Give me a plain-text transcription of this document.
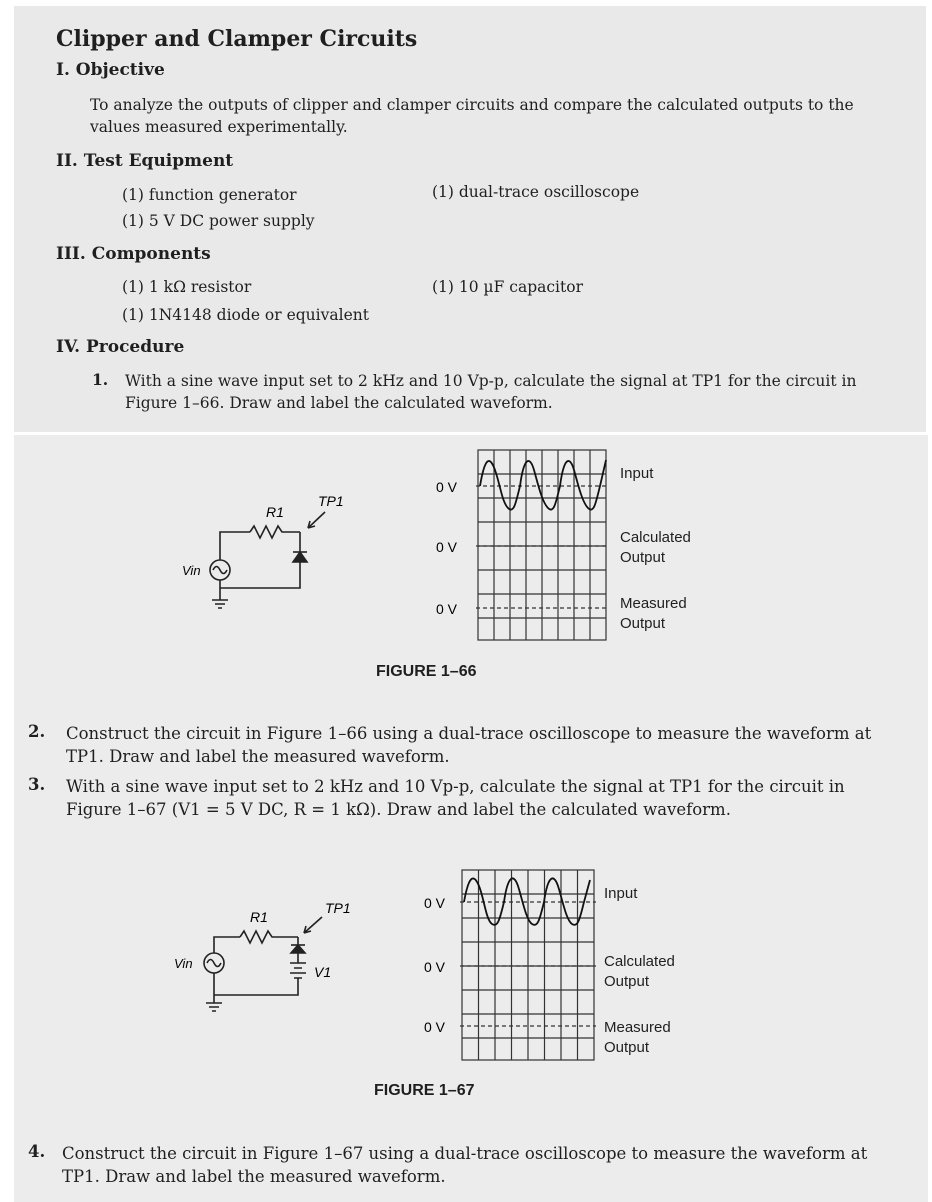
Clipper and Clamper Circuits
I. Objective
To analyze the outputs of clipper and clamper circuits and compare the calculated outputs to the values measured experimentally.
II. Test Equipment
(1) function generator	(1) dual-trace oscilloscope
(1) 5 V DC power supply
III. Components
(1) 1 kΩ resistor	(1) 10 µF capacitor
(1) 1N4148 diode or equivalent
IV. Procedure
1. With a sine wave input set to 2 kHz and 10 Vp-p, calculate the signal at TP1 for the circuit in Figure 1–66. Draw and label the calculated waveform.
R1
TP1
Vin
0 V
0 V
0 V
Input
Calculated Output
Measured Output
FIGURE 1–66
2. Construct the circuit in Figure 1–66 using a dual-trace oscilloscope to measure the waveform at TP1. Draw and label the measured waveform.
3. With a sine wave input set to 2 kHz and 10 Vp-p, calculate the signal at TP1 for the circuit in Figure 1–67 (V1 = 5 V DC, R = 1 kΩ). Draw and label the calculated waveform.
R1
TP1
Vin
V1
0 V
0 V
0 V
Input
Calculated Output
Measured Output
FIGURE 1–67
4. Construct the circuit in Figure 1–67 using a dual-trace oscilloscope to measure the waveform at TP1. Draw and label the measured waveform.
